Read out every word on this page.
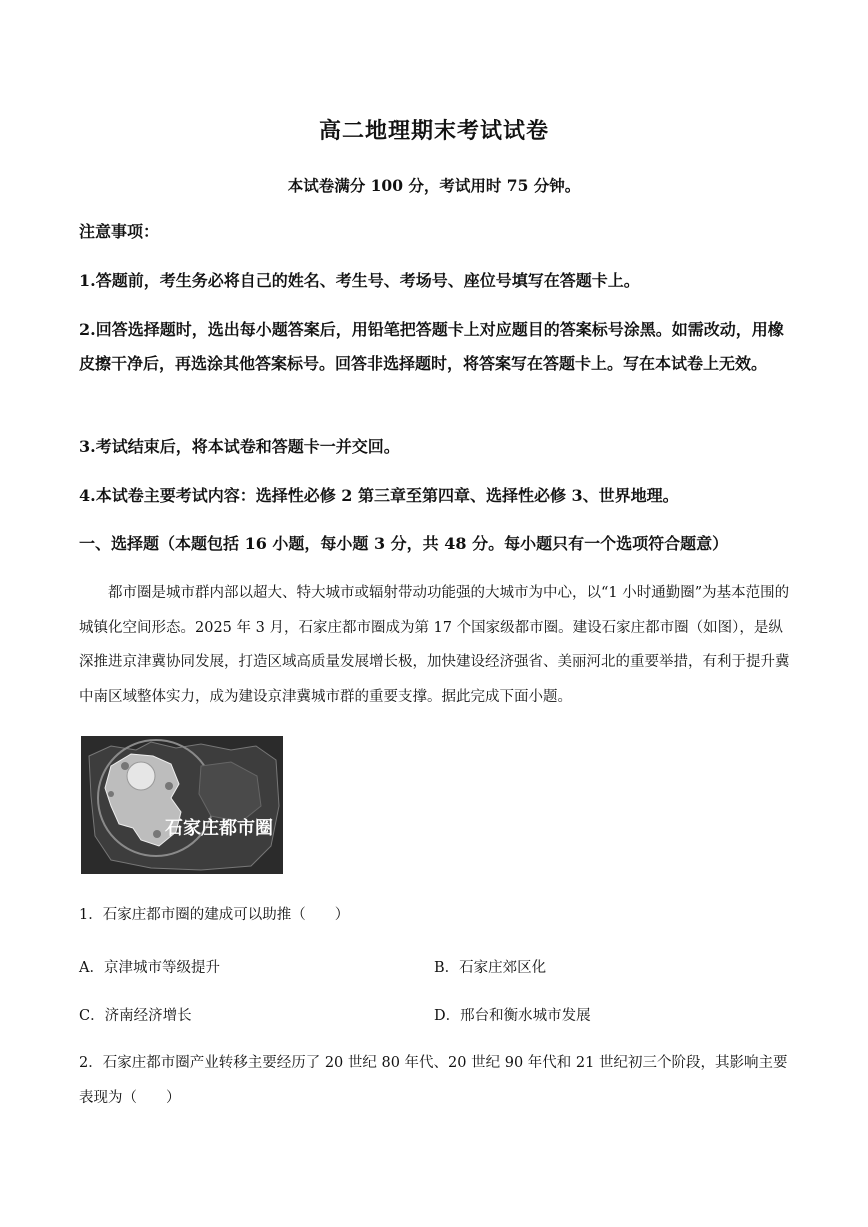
高二地理期末考试试卷
本试卷满分 100 分，考试用时 75 分钟。
注意事项：
1.答题前，考生务必将自己的姓名、考生号、考场号、座位号填写在答题卡上。
2.回答选择题时，选出每小题答案后，用铅笔把答题卡上对应题目的答案标号涂黑。如需改动，用橡皮擦干净后，再选涂其他答案标号。回答非选择题时，将答案写在答题卡上。写在本试卷上无效。
3.考试结束后，将本试卷和答题卡一并交回。
4.本试卷主要考试内容：选择性必修 2 第三章至第四章、选择性必修 3、世界地理。
一、选择题（本题包括 16 小题，每小题 3 分，共 48 分。每小题只有一个选项符合题意）
都市圈是城市群内部以超大、特大城市或辐射带动功能强的大城市为中心，以“1 小时通勤圈”为基本范围的城镇化空间形态。2025 年 3 月，石家庄都市圈成为第 17 个国家级都市圈。建设石家庄都市圈（如图），是纵深推进京津冀协同发展，打造区域高质量发展增长极，加快建设经济强省、美丽河北的重要举措，有利于提升冀中南区域整体实力，成为建设京津冀城市群的重要支撑。据此完成下面小题。
石家庄都市圈
1．石家庄都市圈的建成可以助推（　　）
A．京津城市等级提升	B．石家庄郊区化
C．济南经济增长	D．邢台和衡水城市发展
2．石家庄都市圈产业转移主要经历了 20 世纪 80 年代、20 世纪 90 年代和 21 世纪初三个阶段，其影响主要表现为（　　）
